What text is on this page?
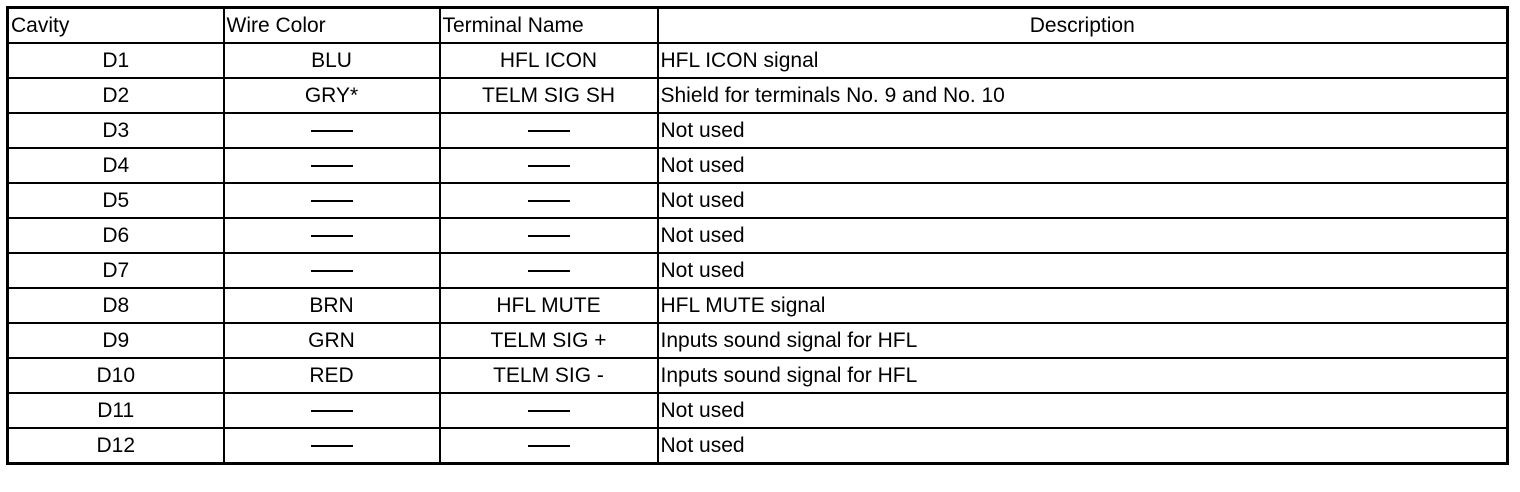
Cavity	Wire Color	Terminal Name	Description
D1	BLU	HFL ICON	HFL ICON signal
D2	GRY*	TELM SIG SH	Shield for terminals No. 9 and No. 10
D3			Not used
D4			Not used
D5			Not used
D6			Not used
D7			Not used
D8	BRN	HFL MUTE	HFL MUTE signal
D9	GRN	TELM SIG +	Inputs sound signal for HFL
D10	RED	TELM SIG -	Inputs sound signal for HFL
D11			Not used
D12			Not used
